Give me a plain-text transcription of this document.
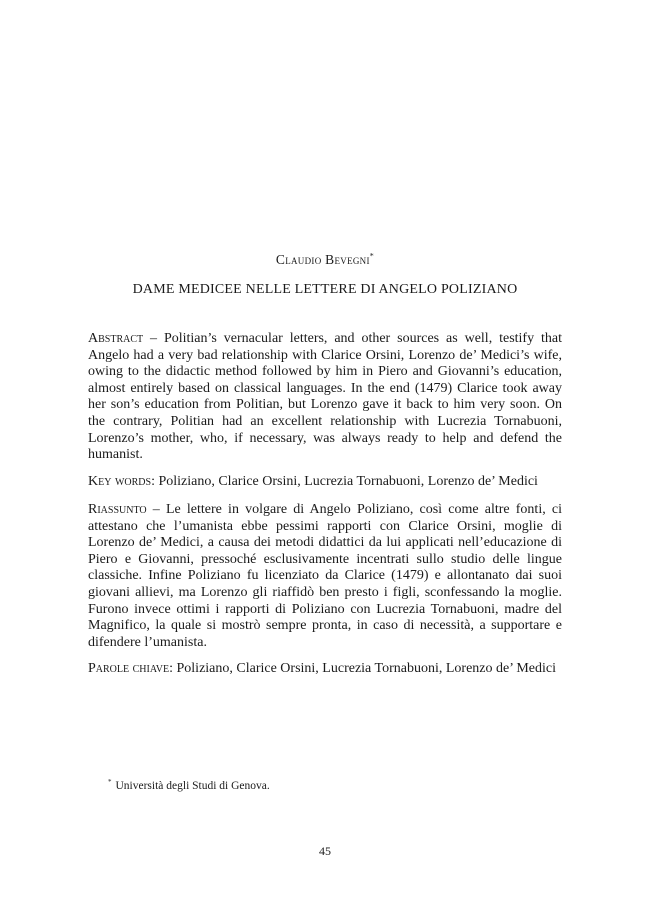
Claudio Bevegni*
DAME MEDICEE NELLE LETTERE DI ANGELO POLIZIANO

Abstract – Politian’s vernacular letters, and other sources as well, testify that Angelo had a very bad relationship with Clarice Orsini, Lorenzo de’ Medici’s wife, owing to the didactic method followed by him in Piero and Giovanni’s education, almost entirely based on classical languages. In the end (1479) Clarice took away her son’s education from Politian, but Lorenzo gave it back to him very soon. On the contrary, Politian had an excellent relationship with Lucrezia Tornabuoni, Lorenzo’s mother, who, if necessary, was always ready to help and defend the humanist.

Key words: Poliziano, Clarice Orsini, Lucrezia Tornabuoni, Lorenzo de’ Medici

Riassunto – Le lettere in volgare di Angelo Poliziano, così come altre fonti, ci attestano che l’umanista ebbe pessimi rapporti con Clarice Orsini, moglie di Lorenzo de’ Medici, a causa dei metodi didattici da lui applicati nell’educazione di Piero e Giovanni, pressoché esclusivamente incentrati sullo studio delle lingue classiche. Infine Poliziano fu licenziato da Clarice (1479) e allontanato dai suoi giovani allievi, ma Lorenzo gli riaffidò ben presto i figli, sconfessando la moglie. Furono invece ottimi i rapporti di Poliziano con Lucrezia Tornabuoni, madre del Magnifico, la quale si mostrò sempre pronta, in caso di necessità, a supportare e difendere l’umanista.

Parole chiave: Poliziano, Clarice Orsini, Lucrezia Tornabuoni, Lorenzo de’ Medici

* Università degli Studi di Genova.
45
